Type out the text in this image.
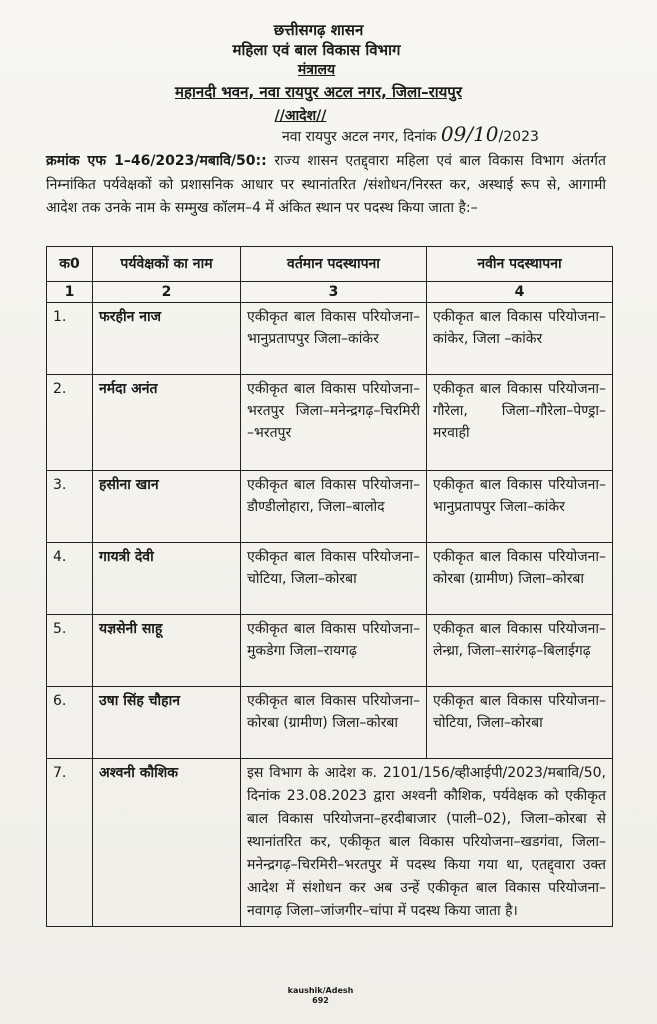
छत्तीसगढ़ शासन
महिला एवं बाल विकास विभाग
मंत्रालय
महानदी भवन, नवा रायपुर अटल नगर, जिला–रायपुर
//आदेश//
नवा रायपुर अटल नगर, दिनांक 09/10/2023
क्रमांक एफ 1–46/2023/मबावि/50:: राज्य शासन एतद्द्वारा महिला एवं बाल विकास विभाग अंतर्गत निम्नांकित पर्यवेक्षकों को प्रशासनिक आधार पर स्थानांतरित /संशोधन/निरस्त कर, अस्थाई रूप से, आगामी आदेश तक उनके नाम के सम्मुख कॉलम–4 में अंकित स्थान पर पदस्थ किया जाता है:–
क0	पर्यवेक्षकों का नाम	वर्तमान पदस्थापना	नवीन पदस्थापना
1	2	3	4
1.	फरहीन नाज	एकीकृत बाल विकास परियोजना–भानुप्रतापपुर जिला–कांकेर	एकीकृत बाल विकास परियोजना–कांकेर, जिला –कांकेर
2.	नर्मदा अनंत	एकीकृत बाल विकास परियोजना–भरतपुर जिला–मनेन्द्रगढ़–चिरमिरी –भरतपुर	एकीकृत बाल विकास परियोजना–गौरेला, जिला–गौरेला–पेण्ड्रा–मरवाही
3.	हसीना खान	एकीकृत बाल विकास परियोजना–डौण्डीलोहारा, जिला–बालोद	एकीकृत बाल विकास परियोजना–भानुप्रतापपुर जिला–कांकेर
4.	गायत्री देवी	एकीकृत बाल विकास परियोजना–चोटिया, जिला–कोरबा	एकीकृत बाल विकास परियोजना– कोरबा (ग्रामीण) जिला–कोरबा
5.	यज्ञसेनी साहू	एकीकृत बाल विकास परियोजना– मुकडेगा जिला–रायगढ़	एकीकृत बाल विकास परियोजना–लेन्ध्रा, जिला–सारंगढ़–बिलाईगढ़
6.	उषा सिंह चौहान	एकीकृत बाल विकास परियोजना– कोरबा (ग्रामीण) जिला–कोरबा	एकीकृत बाल विकास परियोजना– चोटिया, जिला–कोरबा
7.	अश्वनी कौशिक	इस विभाग के आदेश क. 2101/156/व्हीआईपी/2023/मबावि/50, दिनांक 23.08.2023 द्वारा अश्वनी कौशिक, पर्यवेक्षक को एकीकृत बाल विकास परियोजना–हरदीबाजार (पाली–02), जिला–कोरबा से स्थानांतरित कर, एकीकृत बाल विकास परियोजना–खडगंवा, जिला–मनेन्द्रगढ़–चिरमिरी–भरतपुर में पदस्थ किया गया था, एतद्द्वारा उक्त आदेश में संशोधन कर अब उन्हें एकीकृत बाल विकास परियोजना–नवागढ़ जिला–जांजगीर–चांपा में पदस्थ किया जाता है।	
kaushik/Adesh
692
